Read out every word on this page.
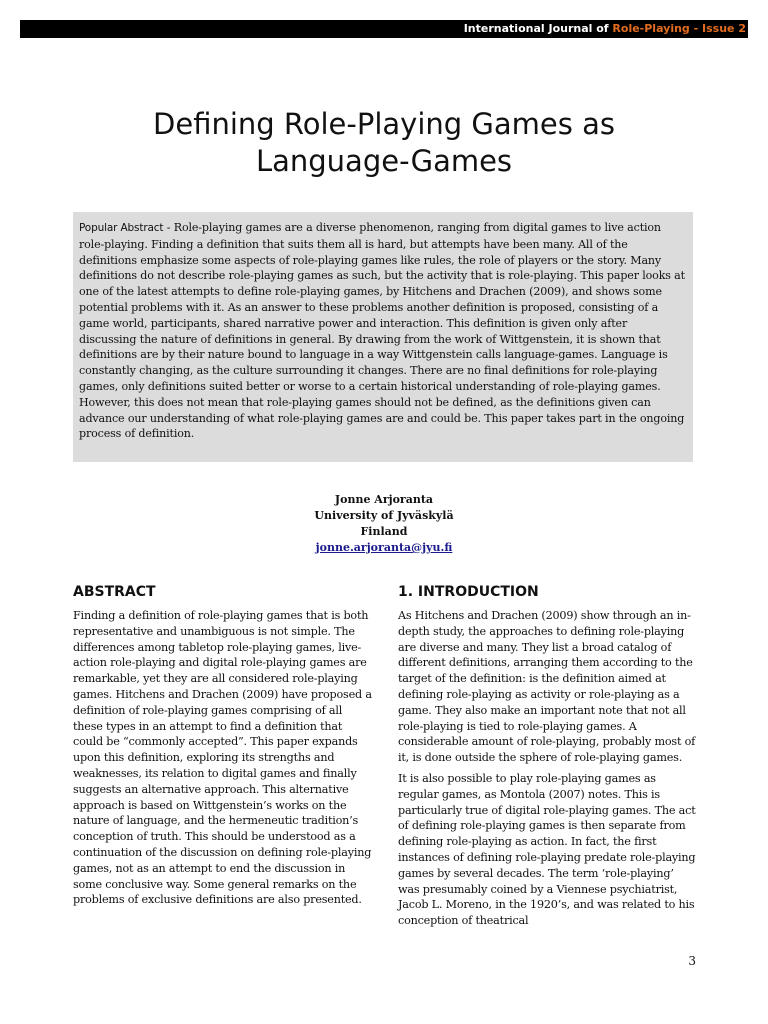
International Journal of Role-Playing - Issue 2
Defining Role-Playing Games as Language-Games
Popular Abstract - Role-playing games are a diverse phenomenon, ranging from digital games to live action role-playing. Finding a definition that suits them all is hard, but attempts have been many. All of the definitions emphasize some aspects of role-playing games like rules, the role of players or the story. Many definitions do not describe role-playing games as such, but the activity that is role-playing. This paper looks at one of the latest attempts to define role-playing games, by Hitchens and Drachen (2009), and shows some potential problems with it. As an answer to these problems another definition is proposed, consisting of a game world, participants, shared narrative power and interaction. This definition is given only after discussing the nature of definitions in general. By drawing from the work of Wittgenstein, it is shown that definitions are by their nature bound to language in a way Wittgenstein calls language-games. Language is constantly changing, as the culture surrounding it changes. There are no final definitions for role-playing games, only definitions suited better or worse to a certain historical understanding of role-playing games. However, this does not mean that role-playing games should not be defined, as the definitions given can advance our understanding of what role-playing games are and could be. This paper takes part in the ongoing process of definition.
Jonne Arjoranta
University of Jyväskylä
Finland
jonne.arjoranta@jyu.fi
ABSTRACT

Finding a definition of role-playing games that is both representative and unambiguous is not simple. The differences among tabletop role-playing games, live-action role-playing and digital role-playing games are remarkable, yet they are all considered role-playing games. Hitchens and Drachen (2009) have proposed a definition of role-playing games comprising of all these types in an attempt to find a definition that could be “commonly accepted”. This paper expands upon this definition, exploring its strengths and weaknesses, its relation to digital games and finally suggests an alternative approach. This alternative approach is based on Wittgenstein’s works on the nature of language, and the hermeneutic tradition’s conception of truth. This should be understood as a continuation of the discussion on defining role-playing games, not as an attempt to end the discussion in some conclusive way. Some general remarks on the problems of exclusive definitions are also presented.

1. INTRODUCTION

As Hitchens and Drachen (2009) show through an in-depth study, the approaches to defining role-playing are diverse and many. They list a broad catalog of different definitions, arranging them according to the target of the definition: is the definition aimed at defining role-playing as activity or role-playing as a game. They also make an important note that not all role-playing is tied to role-playing games. A considerable amount of role-playing, probably most of it, is done outside the sphere of role-playing games.

It is also possible to play role-playing games as regular games, as Montola (2007) notes. This is particularly true of digital role-playing games. The act of defining role-playing games is then separate from defining role-playing as action. In fact, the first instances of defining role-playing predate role-playing games by several decades. The term ‘role-playing’ was presumably coined by a Viennese psychiatrist, Jacob L. Moreno, in the 1920’s, and was related to his conception of theatrical

3
